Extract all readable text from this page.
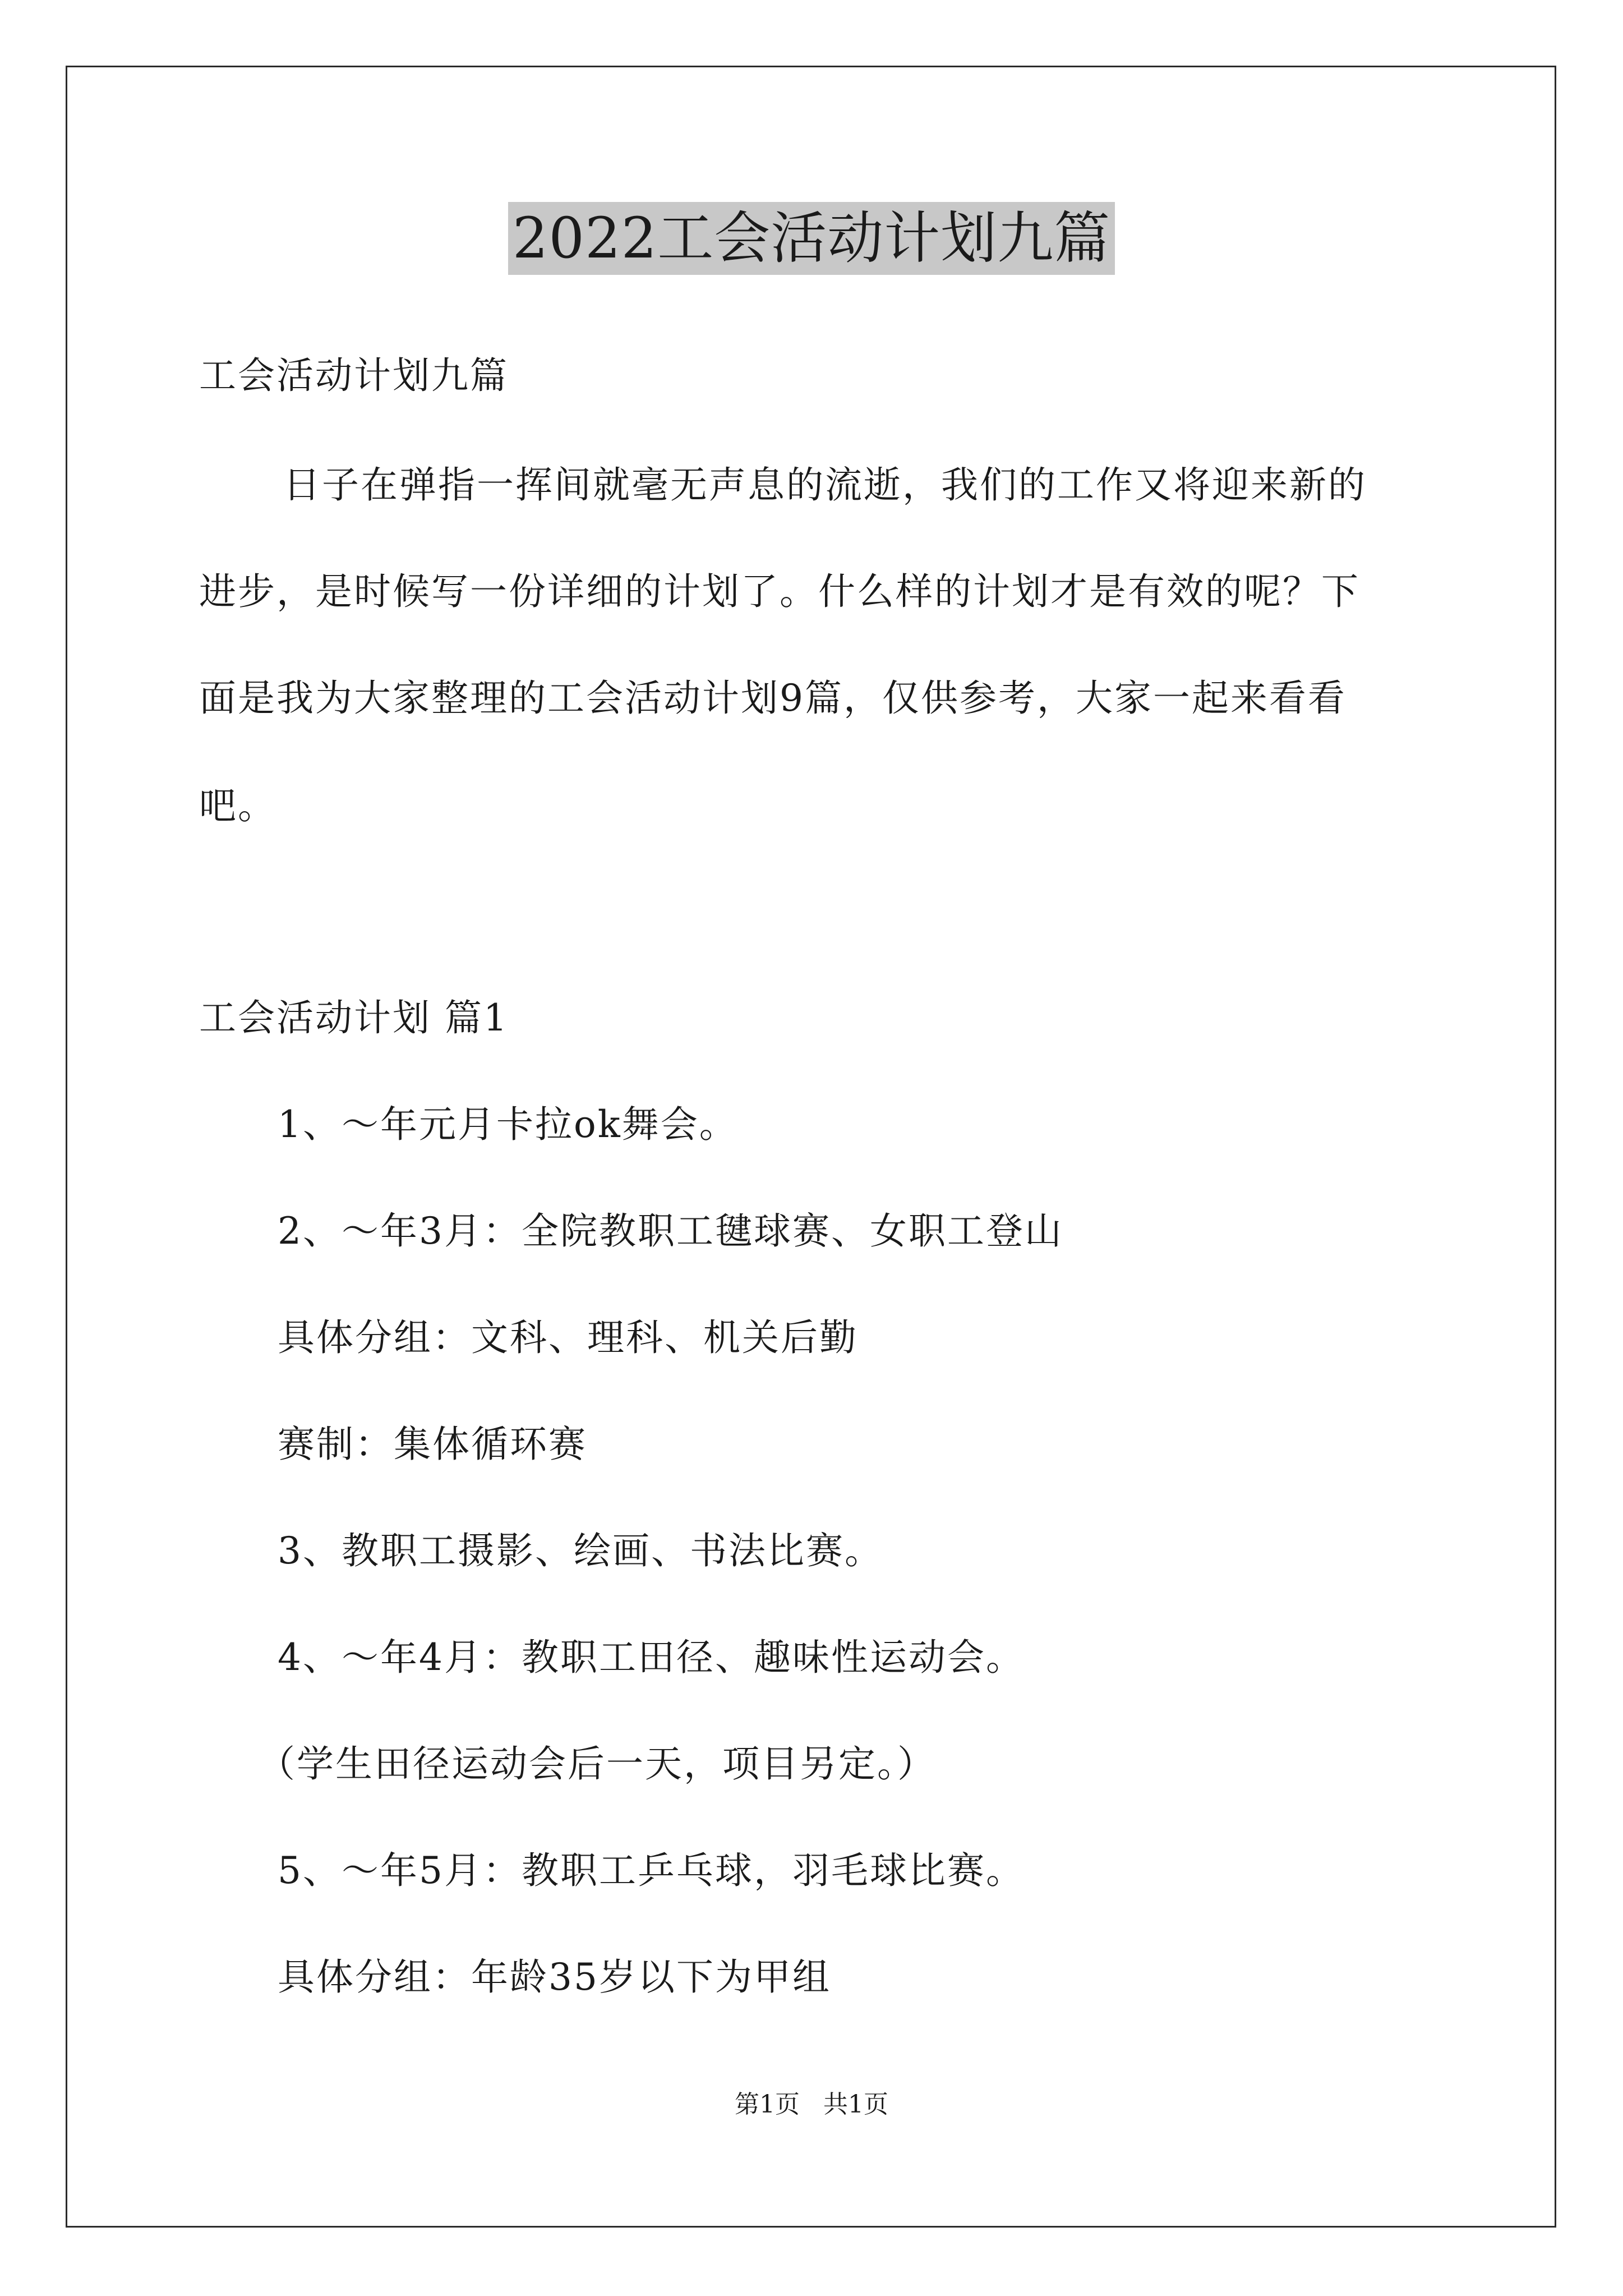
2022工会活动计划九篇
工会活动计划九篇
日子在弹指一挥间就毫无声息的流逝，我们的工作又将迎来新的
进步，是时候写一份详细的计划了。什么样的计划才是有效的呢？下
面是我为大家整理的工会活动计划9篇，仅供参考，大家一起来看看
吧。
工会活动计划 篇1
1、～年元月卡拉ok舞会。
2、～年3月：全院教职工毽球赛、女职工登山
具体分组：文科、理科、机关后勤
赛制：集体循环赛
3、教职工摄影、绘画、书法比赛。
4、～年4月：教职工田径、趣味性运动会。
（学生田径运动会后一天，项目另定。）
5、～年5月：教职工乒乓球，羽毛球比赛。
具体分组：年龄35岁以下为甲组
第1页 共1页
